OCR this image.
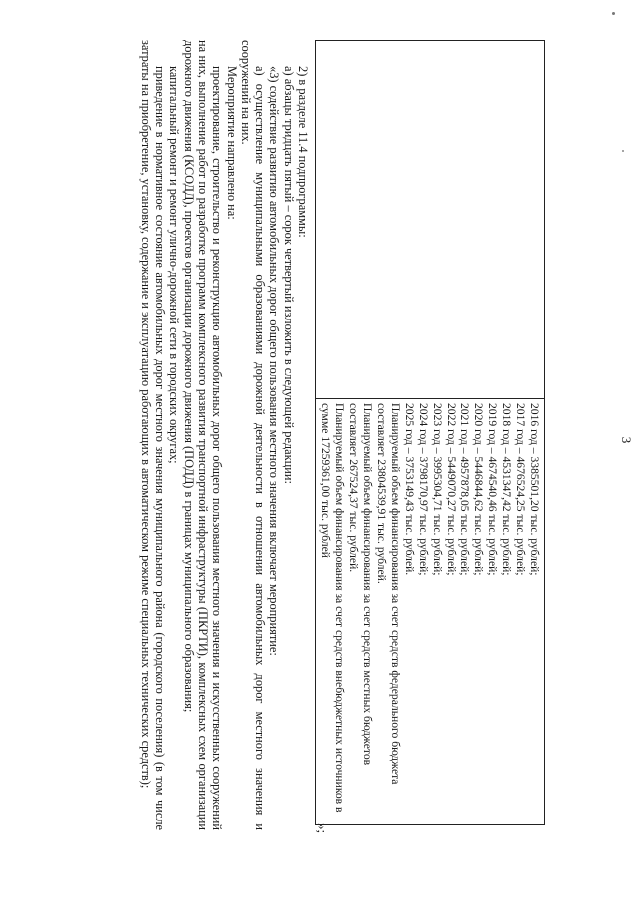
3
2016 год – 3385501,20 тыс. рублей;
2017 год – 4676524,25 тыс. рублей;
2018 год – 4531347,42 тыс. рублей;
2019 год – 4674540,46 тыс. рублей;
2020 год – 5446844,62 тыс. рублей;
2021 год – 4957878,05 тыс. рублей;
2022 год – 5449070,27 тыс. рублей;
2023 год – 3995304,71 тыс. рублей;
2024 год – 3798170,97 тыс. рублей;
2025 год – 3753149,43 тыс. рублей.
Планируемый объем финансирования за счет средств федерального бюджета
составляет 23804539,91 тыс. рублей.
Планируемый объем финансирования за счет средств местных бюджетов
составляет 267524,37 тыс. рублей.
Планируемый объем финансирования за счет средств внебюджетных источников в
сумме 17259361,00 тыс. рублей
»;

2) в разделе 11.4 подпрограммы:

а) абзацы тридцать пятый – сорок четвертый изложить в следующей редакции:

«3) содействие развитию автомобильных дорог общего пользования местного значения включает мероприятие:

а) осуществление муниципальными образованиями дорожной деятельности в отношении автомобильных дорог местного значения и сооружений на них.

Мероприятие направлено на:

проектирование, строительство и реконструкцию автомобильных дорог общего пользования местного значения и искусственных сооружений на них, выполнение работ по разработке программ комплексного развития транспортной инфраструктуры (ПКРТИ), комплексных схем организации дорожного движения (КСОДД), проектов организации дорожного движения (ПОДД) в границах муниципального образования;

капитальный ремонт и ремонт улично-дорожной сети в городских округах;

приведение в нормативное состояние автомобильных дорог местного значения муниципального района (городского поселения) (в том числе затраты на приобретение, установку, содержание и эксплуатацию работающих в автоматическом режиме специальных технических средств);
